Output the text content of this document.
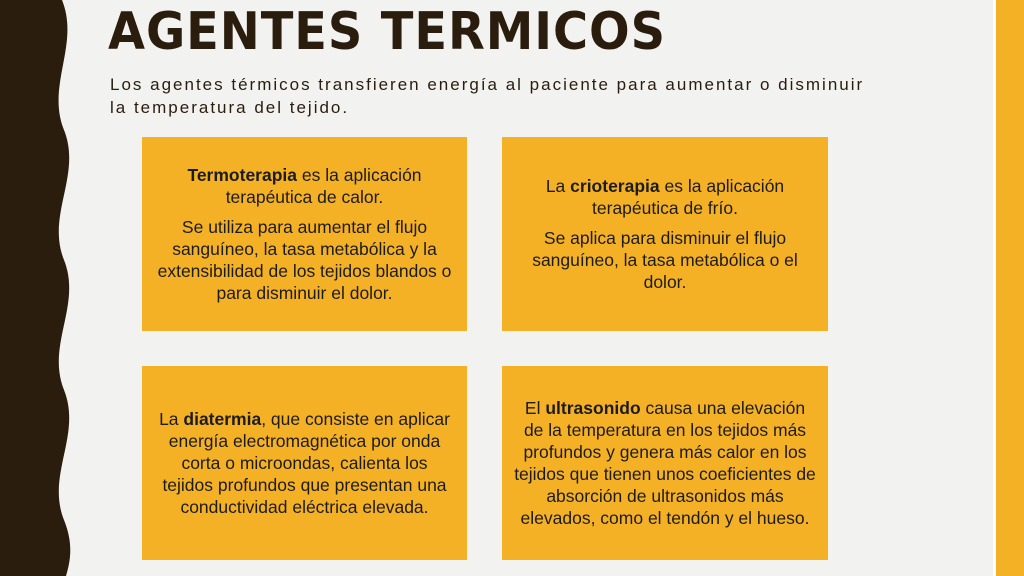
AGENTES TERMICOS

Los agentes térmicos transfieren energía al paciente para aumentar o disminuir la temperatura del tejido.

Termoterapia es la aplicación terapéutica de calor.

Se utiliza para aumentar el flujo sanguíneo, la tasa metabólica y la extensibilidad de los tejidos blandos o para disminuir el dolor.

La crioterapia es la aplicación terapéutica de frío.

Se aplica para disminuir el flujo sanguíneo, la tasa metabólica o el dolor.

La diatermia, que consiste en aplicar energía electromagnética por onda corta o microondas, calienta los tejidos profundos que presentan una conductividad eléctrica elevada.

El ultrasonido causa una elevación de la temperatura en los tejidos más profundos y genera más calor en los tejidos que tienen unos coeficientes de absorción de ultrasonidos más elevados, como el tendón y el hueso.
